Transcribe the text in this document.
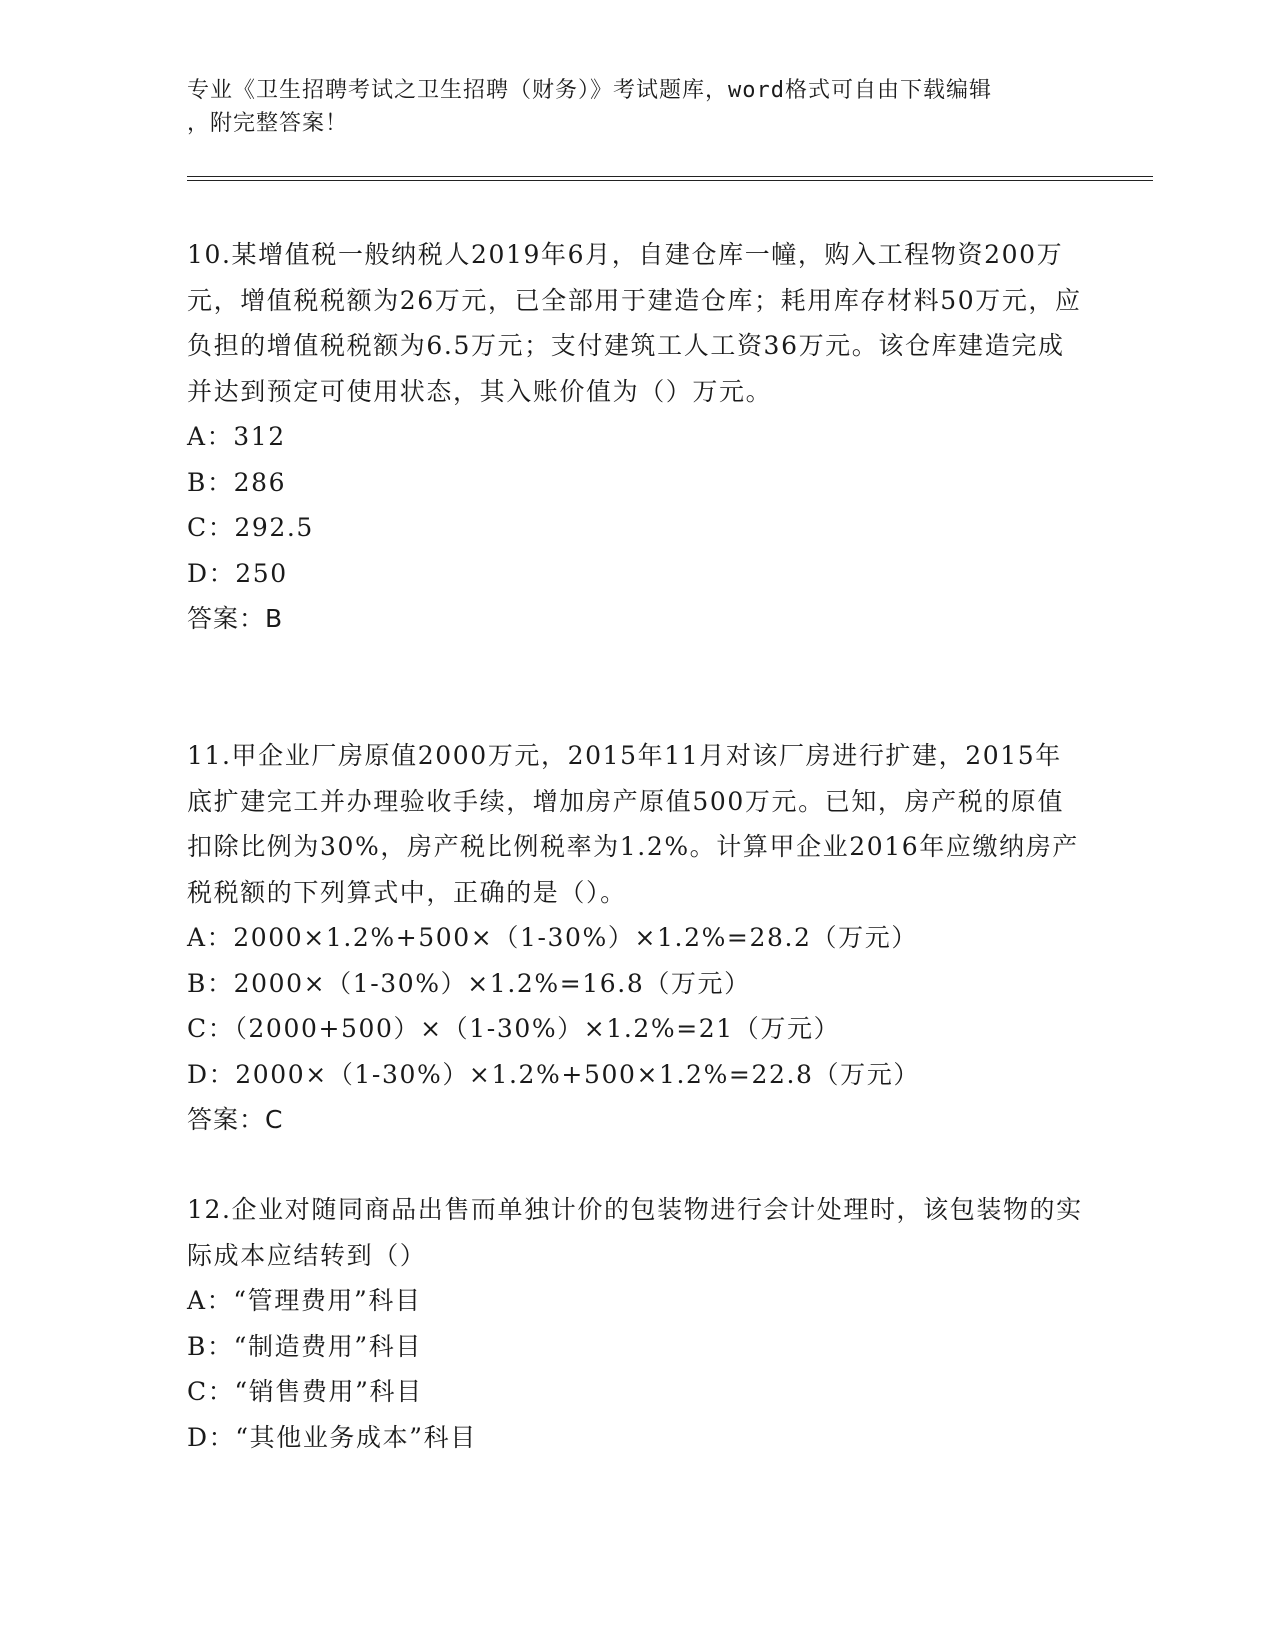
专业《卫生招聘考试之卫生招聘（财务）》考试题库，word格式可自由下载编辑
，附完整答案！

10.某增值税一般纳税人2019年6月，自建仓库一幢，购入工程物资200万元，增值税税额为26万元，已全部用于建造仓库；耗用库存材料50万元，应负担的增值税税额为6.5万元；支付建筑工人工资36万元。该仓库建造完成并达到预定可使用状态，其入账价值为（）万元。

A：312

B：286

C：292.5

D：250

答案：B

11.甲企业厂房原值2000万元，2015年11月对该厂房进行扩建，2015年底扩建完工并办理验收手续，增加房产原值500万元。已知，房产税的原值扣除比例为30%，房产税比例税率为1.2%。计算甲企业2016年应缴纳房产税税额的下列算式中，正确的是（）。

A：2000×1.2%+500×（1-30%）×1.2%=28.2（万元）

B：2000×（1-30%）×1.2%=16.8（万元）

C：（2000+500）×（1-30%）×1.2%=21（万元）

D：2000×（1-30%）×1.2%+500×1.2%=22.8（万元）

答案：C

12.企业对随同商品出售而单独计价的包装物进行会计处理时，该包装物的实际成本应结转到（）

A：“管理费用”科目

B：“制造费用”科目

C：“销售费用”科目

D：“其他业务成本”科目
